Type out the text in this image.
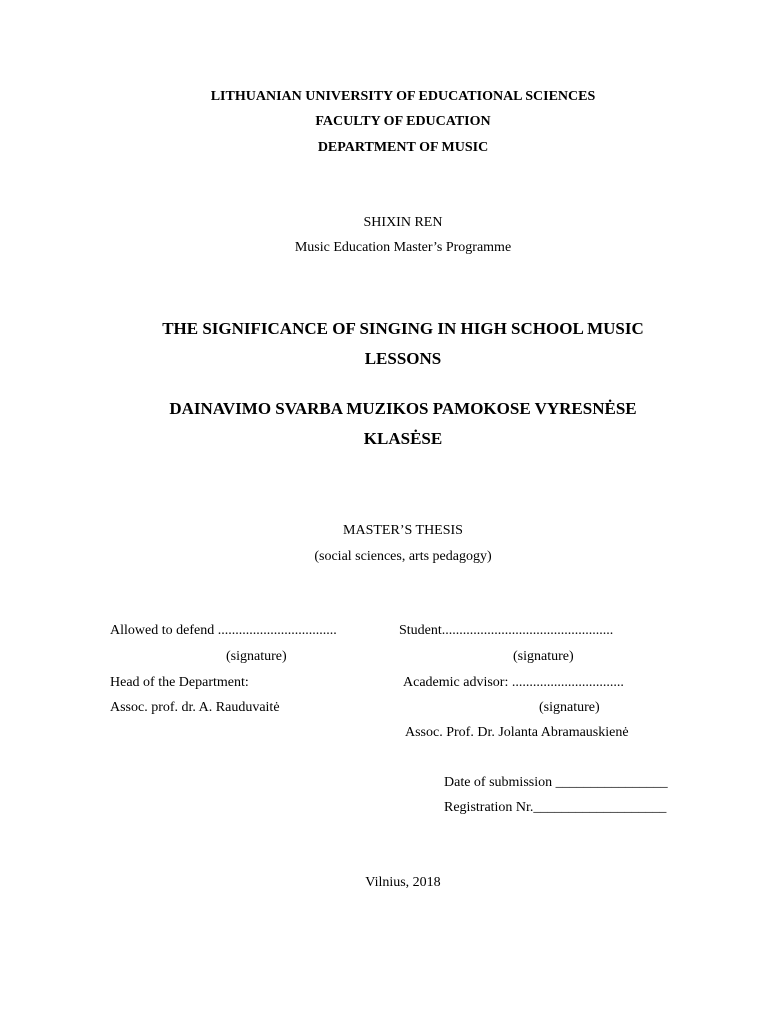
LITHUANIAN UNIVERSITY OF EDUCATIONAL SCIENCES
FACULTY OF EDUCATION
DEPARTMENT OF MUSIC
SHIXIN REN
Music Education Master’s Programme
THE SIGNIFICANCE OF SINGING IN HIGH SCHOOL MUSIC
LESSONS
DAINAVIMO SVARBA MUZIKOS PAMOKOSE VYRESNĖSE
KLASĖSE
MASTER’S THESIS
(social sciences, arts pedagogy)
Allowed to defend ..................................
(signature)
Head of the Department:
Assoc. prof. dr. A. Rauduvaitė
Student.................................................
(signature)
Academic advisor: ................................
(signature)
Assoc. Prof. Dr. Jolanta Abramauskienė
Date of submission ________________
Registration Nr.___________________
Vilnius, 2018
